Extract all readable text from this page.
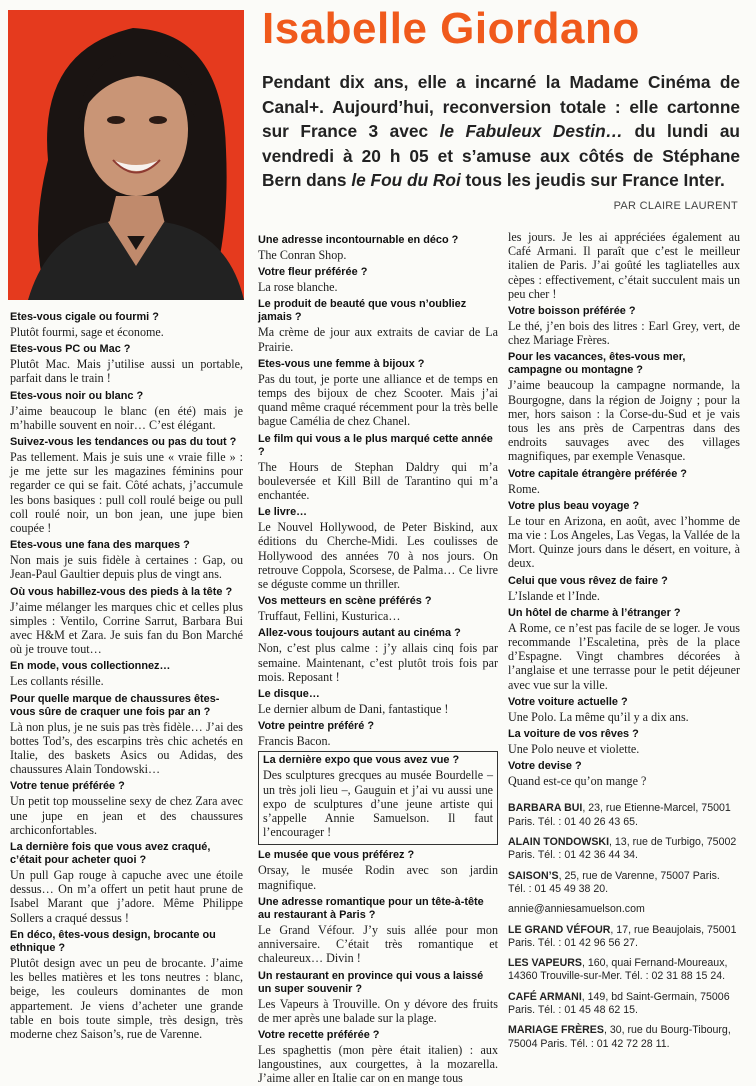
Isabelle Giordano

Pendant dix ans, elle a incarné la Madame Cinéma de Canal+. Aujourd’hui, reconversion totale : elle cartonne sur France 3 avec le Fabuleux Destin… du lundi au vendredi à 20 h 05 et s’amuse aux côtés de Stéphane Bern dans le Fou du Roi tous les jeudis sur France Inter.

PAR CLAIRE LAURENT

Etes-vous cigale ou fourmi ?

Plutôt fourmi, sage et économe.

Etes-vous PC ou Mac ?

Plutôt Mac. Mais j’utilise aussi un portable, parfait dans le train !

Etes-vous noir ou blanc ?

J’aime beaucoup le blanc (en été) mais je m’habille souvent en noir… C’est élégant.

Suivez-vous les tendances ou pas du tout ?

Pas tellement. Mais je suis une « vraie fille » : je me jette sur les magazines féminins pour regarder ce qui se fait. Côté achats, j’accumule les bons basiques : pull coll roulé beige ou pull coll roulé noir, un bon jean, une jupe bien coupée !

Etes-vous une fana des marques ?

Non mais je suis fidèle à certaines : Gap, ou Jean-Paul Gaultier depuis plus de vingt ans.

Où vous habillez-vous des pieds à la tête ?

J’aime mélanger les marques chic et celles plus simples : Ventilo, Corrine Sarrut, Barbara Bui avec H&M et Zara. Je suis fan du Bon Marché où je trouve tout…

En mode, vous collectionnez…

Les collants résille.

Pour quelle marque de chaussures êtes-vous sûre de craquer une fois par an ?

Là non plus, je ne suis pas très fidèle… J’ai des bottes Tod’s, des escarpins très chic achetés en Italie, des baskets Asics ou Adidas, des chaussures Alain Tondowski…

Votre tenue préférée ?

Un petit top mousseline sexy de chez Zara avec une jupe en jean et des chaussures archiconfortables.

La dernière fois que vous avez craqué, c’était pour acheter quoi ?

Un pull Gap rouge à capuche avec une étoile dessus… On m’a offert un petit haut prune de Isabel Marant que j’adore. Même Philippe Sollers a craqué dessus !

En déco, êtes-vous design, brocante ou ethnique ?

Plutôt design avec un peu de brocante. J’aime les belles matières et les tons neutres : blanc, beige, les couleurs dominantes de mon appartement. Je viens d’acheter une grande table en bois toute simple, très design, très moderne chez Saison’s, rue de Varenne.

Une adresse incontournable en déco ?

The Conran Shop.

Votre fleur préférée ?

La rose blanche.

Le produit de beauté que vous n’oubliez jamais ?

Ma crème de jour aux extraits de caviar de La Prairie.

Etes-vous une femme à bijoux ?

Pas du tout, je porte une alliance et de temps en temps des bijoux de chez Scooter. Mais j’ai quand même craqué récemment pour la très belle bague Camélia de chez Chanel.

Le film qui vous a le plus marqué cette année ?

The Hours de Stephan Daldry qui m’a bouleversée et Kill Bill de Tarantino qui m’a enchantée.

Le livre…

Le Nouvel Hollywood, de Peter Biskind, aux éditions du Cherche-Midi. Les coulisses de Hollywood des années 70 à nos jours. On retrouve Coppola, Scorsese, de Palma… Ce livre se déguste comme un thriller.

Vos metteurs en scène préférés ?

Truffaut, Fellini, Kusturica…

Allez-vous toujours autant au cinéma ?

Non, c’est plus calme : j’y allais cinq fois par semaine. Maintenant, c’est plutôt trois fois par mois. Reposant !

Le disque…

Le dernier album de Dani, fantastique !

Votre peintre préféré ?

Francis Bacon.

La dernière expo que vous avez vue ?

Des sculptures grecques au musée Bourdelle – un très joli lieu –, Gauguin et j’ai vu aussi une expo de sculptures d’une jeune artiste qui s’appelle Annie Samuelson. Il faut l’encourager !

Le musée que vous préférez ?

Orsay, le musée Rodin avec son jardin magnifique.

Une adresse romantique pour un tête-à-tête au restaurant à Paris ?

Le Grand Véfour. J’y suis allée pour mon anniversaire. C’était très romantique et chaleureux… Divin !

Un restaurant en province qui vous a laissé un super souvenir ?

Les Vapeurs à Trouville. On y dévore des fruits de mer après une balade sur la plage.

Votre recette préférée ?

Les spaghettis (mon père était italien) : aux langoustines, aux courgettes, à la mozarella. J’aime aller en Italie car on en mange tous

les jours. Je les ai appréciées également au Café Armani. Il paraît que c’est le meilleur italien de Paris. J’ai goûté les tagliatelles aux cèpes : effectivement, c’était succulent mais un peu cher !

Votre boisson préférée ?

Le thé, j’en bois des litres : Earl Grey, vert, de chez Mariage Frères.

Pour les vacances, êtes-vous mer, campagne ou montagne ?

J’aime beaucoup la campagne normande, la Bourgogne, dans la région de Joigny ; pour la mer, hors saison : la Corse-du-Sud et je vais tous les ans près de Carpentras dans des endroits sauvages avec des villages magnifiques, par exemple Venasque.

Votre capitale étrangère préférée ?

Rome.

Votre plus beau voyage ?

Le tour en Arizona, en août, avec l’homme de ma vie : Los Angeles, Las Vegas, la Vallée de la Mort. Quinze jours dans le désert, en voiture, à deux.

Celui que vous rêvez de faire ?

L’Islande et l’Inde.

Un hôtel de charme à l’étranger ?

A Rome, ce n’est pas facile de se loger. Je vous recommande l’Escaletina, près de la place d’Espagne. Vingt chambres décorées à l’anglaise et une terrasse pour le petit déjeuner avec vue sur la ville.

Votre voiture actuelle ?

Une Polo. La même qu’il y a dix ans.

La voiture de vos rêves ?

Une Polo neuve et violette.

Votre devise ?

Quand est-ce qu’on mange ?

BARBARA BUI, 23, rue Etienne-Marcel, 75001 Paris. Tél. : 01 40 26 43 65.

ALAIN TONDOWSKI, 13, rue de Turbigo, 75002 Paris. Tél. : 01 42 36 44 34.

SAISON’S, 25, rue de Varenne, 75007 Paris. Tél. : 01 45 49 38 20.

annie@anniesamuelson.com

LE GRAND VÉFOUR, 17, rue Beaujolais, 75001 Paris. Tél. : 01 42 96 56 27.

LES VAPEURS, 160, quai Fernand-Moureaux, 14360 Trouville-sur-Mer. Tél. : 02 31 88 15 24.

CAFÉ ARMANI, 149, bd Saint-Germain, 75006 Paris. Tél. : 01 45 48 62 15.

MARIAGE FRÈRES, 30, rue du Bourg-Tibourg, 75004 Paris. Tél. : 01 42 72 28 11.
